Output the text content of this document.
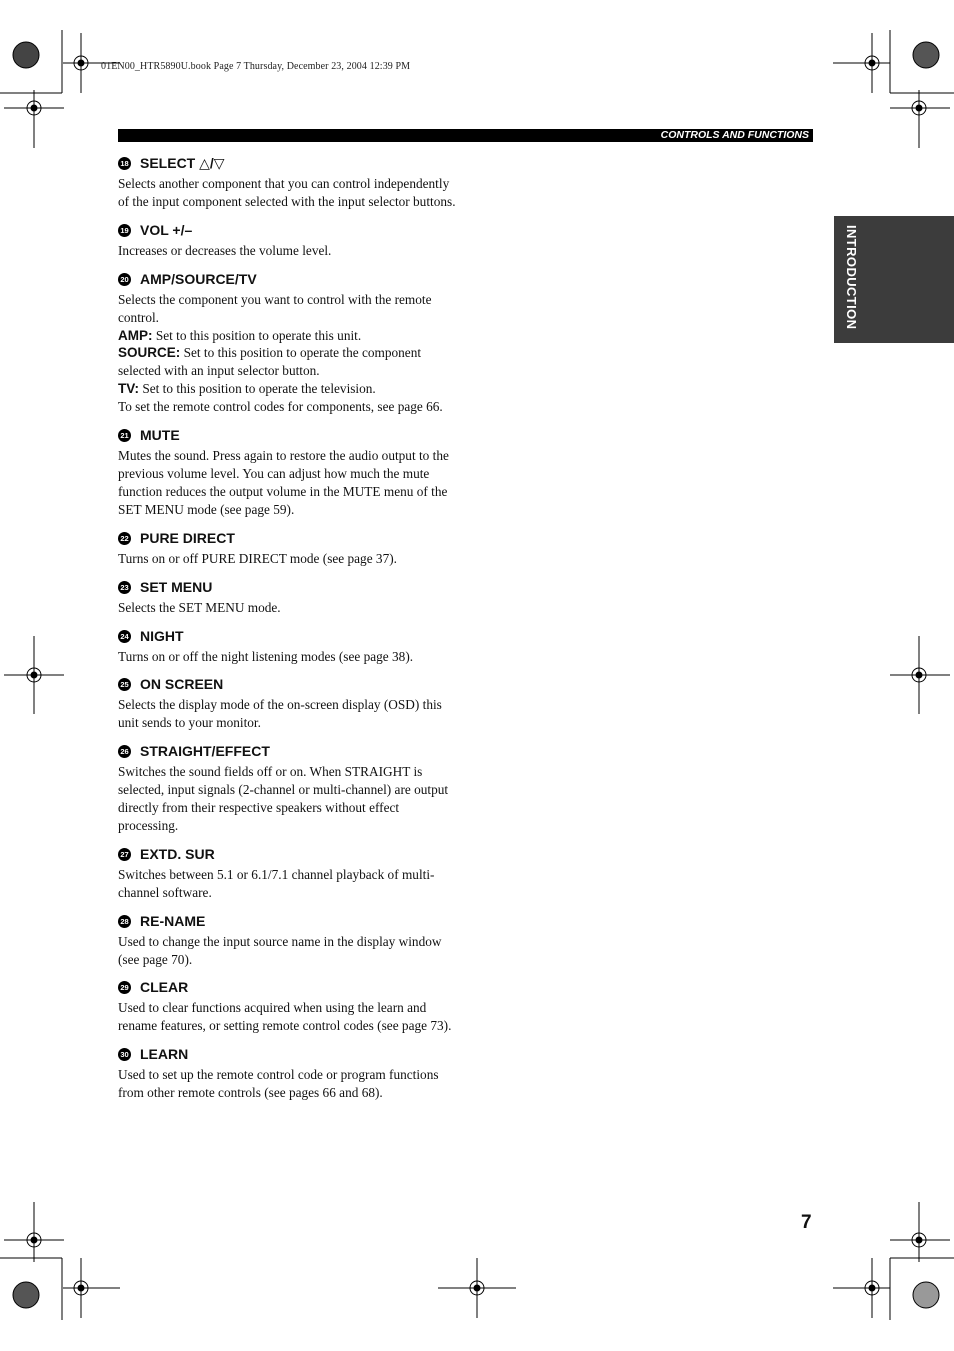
01EN00_HTR5890U.book Page 7 Thursday, December 23, 2004 12:39 PM
CONTROLS AND FUNCTIONS
INTRODUCTION
18 SELECT △/▽

Selects another component that you can control independently of the input component selected with the input selector buttons.

19 VOL +/–

Increases or decreases the volume level.

20 AMP/SOURCE/TV

Selects the component you want to control with the remote control.

AMP: Set to this position to operate this unit.

SOURCE: Set to this position to operate the component selected with an input selector button.

TV: Set to this position to operate the television.

To set the remote control codes for components, see page 66.

21 MUTE

Mutes the sound. Press again to restore the audio output to the previous volume level. You can adjust how much the mute function reduces the output volume in the MUTE menu of the SET MENU mode (see page 59).

22 PURE DIRECT

Turns on or off PURE DIRECT mode (see page 37).

23 SET MENU

Selects the SET MENU mode.

24 NIGHT

Turns on or off the night listening modes (see page 38).

25 ON SCREEN

Selects the display mode of the on-screen display (OSD) this unit sends to your monitor.

26 STRAIGHT/EFFECT

Switches the sound fields off or on. When STRAIGHT is selected, input signals (2-channel or multi-channel) are output directly from their respective speakers without effect processing.

27 EXTD. SUR

Switches between 5.1 or 6.1/7.1 channel playback of multi-channel software.

28 RE-NAME

Used to change the input source name in the display window (see page 70).

29 CLEAR

Used to clear functions acquired when using the learn and rename features, or setting remote control codes (see page 73).

30 LEARN

Used to set up the remote control code or program functions from other remote controls (see pages 66 and 68).

7
